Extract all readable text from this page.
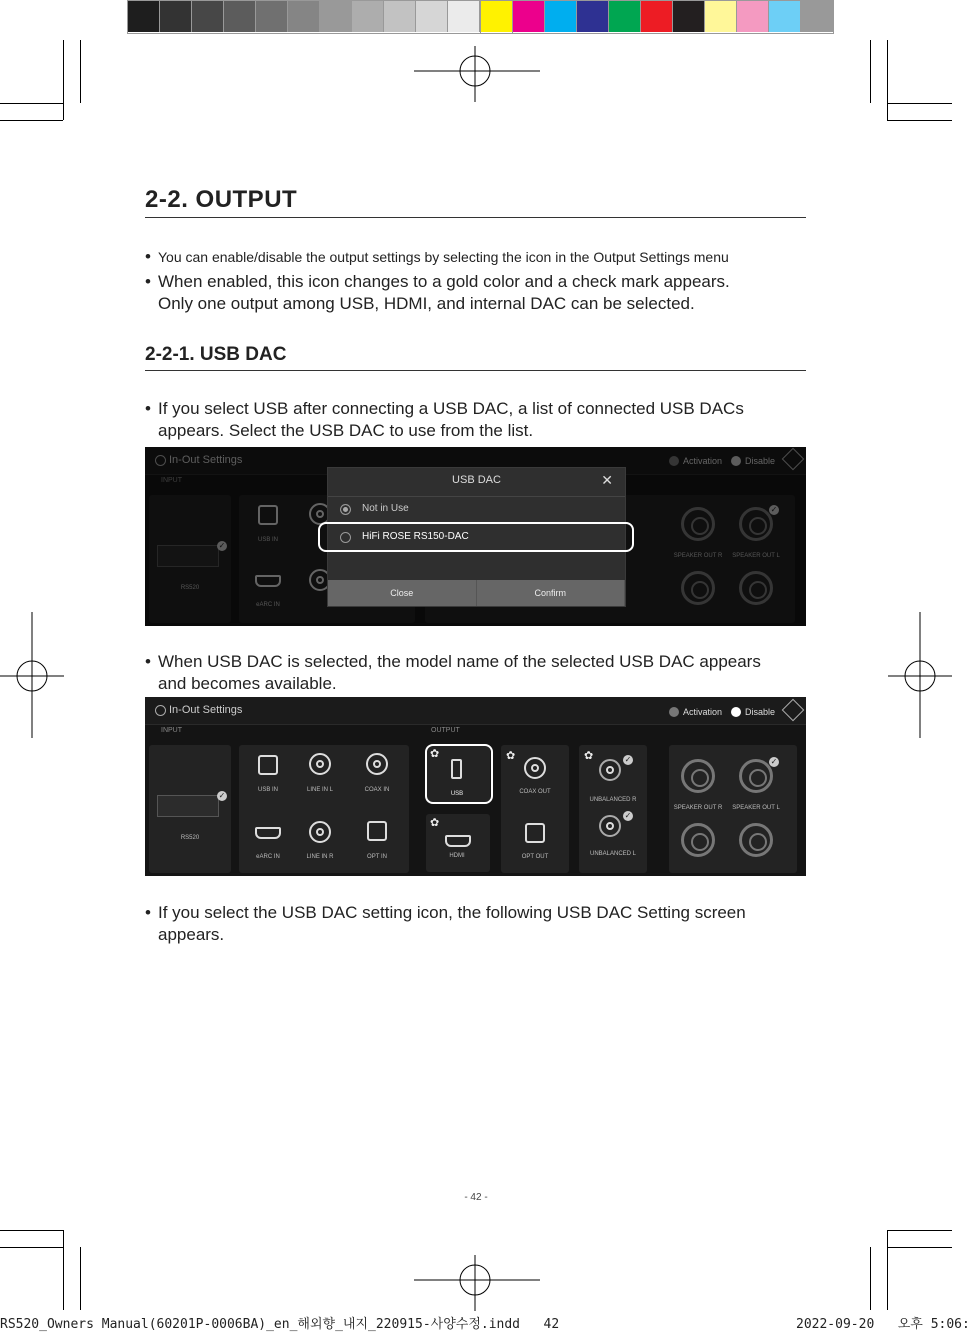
2-2. OUTPUT
• You can enable/disable the output settings by selecting the icon in the Output Settings menu
• When enabled, this icon changes to a gold color and a check mark appears.
Only one output among USB, HDMI, and internal DAC can be selected.
2-2-1. USB DAC
• If you select USB after connecting a USB DAC, a list of connected USB DACs
appears. Select the USB DAC to use from the list.
USB DAC	✕
Not in Use
HiFi ROSE RS150-DAC
Close	Confirm
• When USB DAC is selected, the model name of the selected USB DAC appears
and becomes available.
In-Out Settings	Activation	Disable
INPUT	OUTPUT
✓
RS520
USB IN	LINE IN L	COAX IN
eARC IN	LINE IN R	OPT IN
✿
USB
✿
HDMI
✿
COAX OUT
OPT OUT
✿	✓
UNBALANCED R
✓
UNBALANCED L
✓
SPEAKER OUT R	SPEAKER OUT L
• If you select the USB DAC setting icon, the following USB DAC Setting screen
appears.
- 42 -
RS520_Owners Manual(60201P-0006BA)_en_해외향_내지_220915-사양수정.indd   42	2022-09-20   오후 5:06:
